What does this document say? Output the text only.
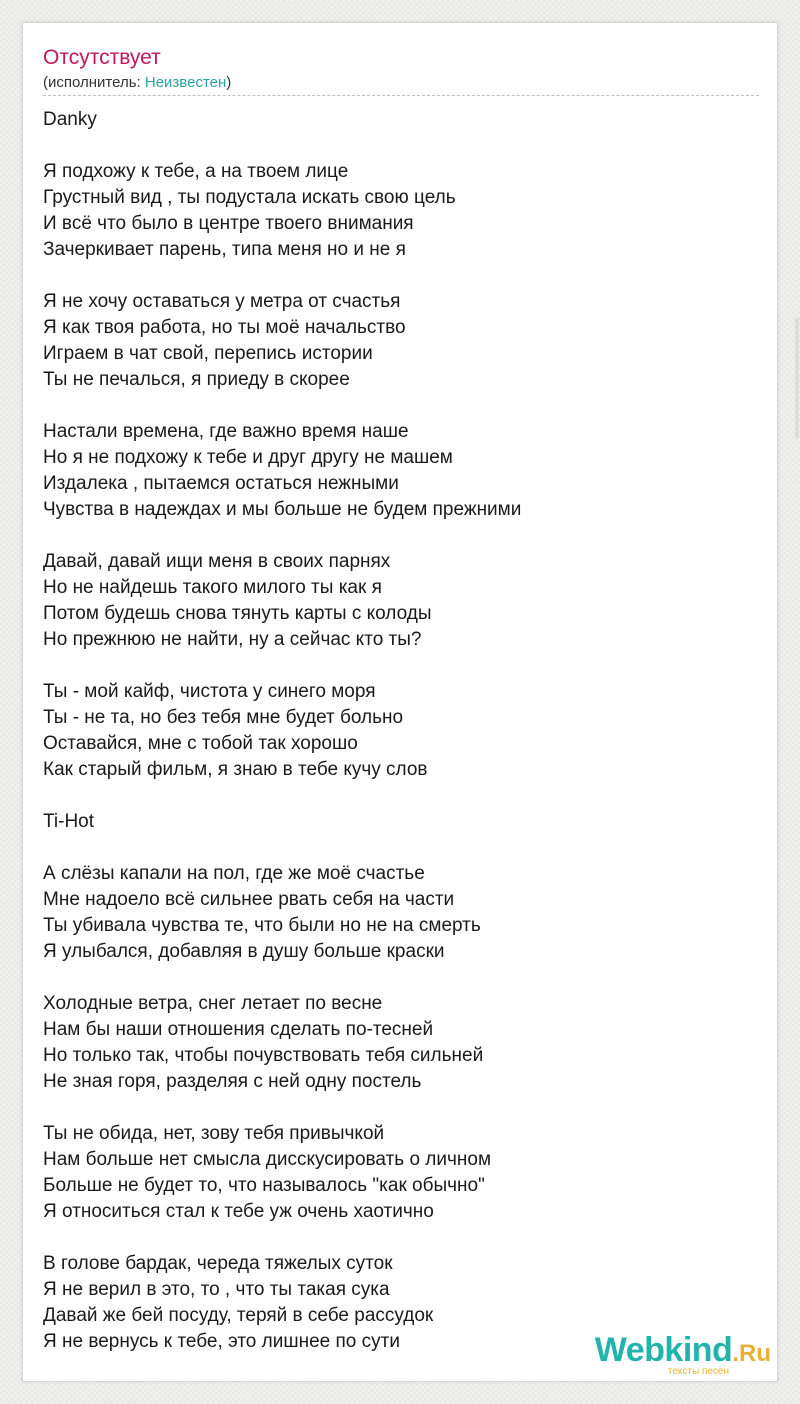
Отсутствует
(исполнитель: Неизвестен)
Danky

Я подхожу к тебе, а на твоем лице
Грустный вид , ты подустала искать свою цель
И всё что было в центре твоего внимания
Зачеркивает парень, типа меня но и не я

Я не хочу оставаться у метра от счастья
Я как твоя работа, но ты моё начальство
Играем в чат свой, перепись истории
Ты не печалься, я приеду в скорее

Настали времена, где важно время наше
Но я не подхожу к тебе и друг другу не машем
Издалека , пытаемся остаться нежными
Чувства в надеждах и мы больше не будем прежними

Давай, давай ищи меня в своих парнях
Но не найдешь такого милого ты как я
Потом будешь снова тянуть карты с колоды
Но прежнюю не найти, ну а сейчас кто ты?

Ты - мой кайф, чистота у синего моря
Ты - не та, но без тебя мне будет больно
Оставайся, мне с тобой так хорошо
Как старый фильм, я знаю в тебе кучу слов

Ti-Hot

А слёзы капали на пол, где же моё счастье
Мне надоело всё сильнее рвать себя на части
Ты убивала чувства те, что были но не на смерть
Я улыбался, добавляя в душу больше краски

Холодные ветра, снег летает по весне
Нам бы наши отношения сделать по-тесней
Но только так, чтобы почувствовать тебя сильней
Не зная горя, разделяя с ней одну постель

Ты не обида, нет, зову тебя привычкой
Нам больше нет смысла дисскусировать о личном
Больше не будет то, что называлось "как обычно"
Я относиться стал к тебе уж очень хаотично

В голове бардак, череда тяжелых суток
Я не верил в это, то , что ты такая сука
Давай же бей посуду, теряй в себе рассудок
Я не вернусь к тебе, это лишнее по сути	Webkind.Ru
тексты песен
